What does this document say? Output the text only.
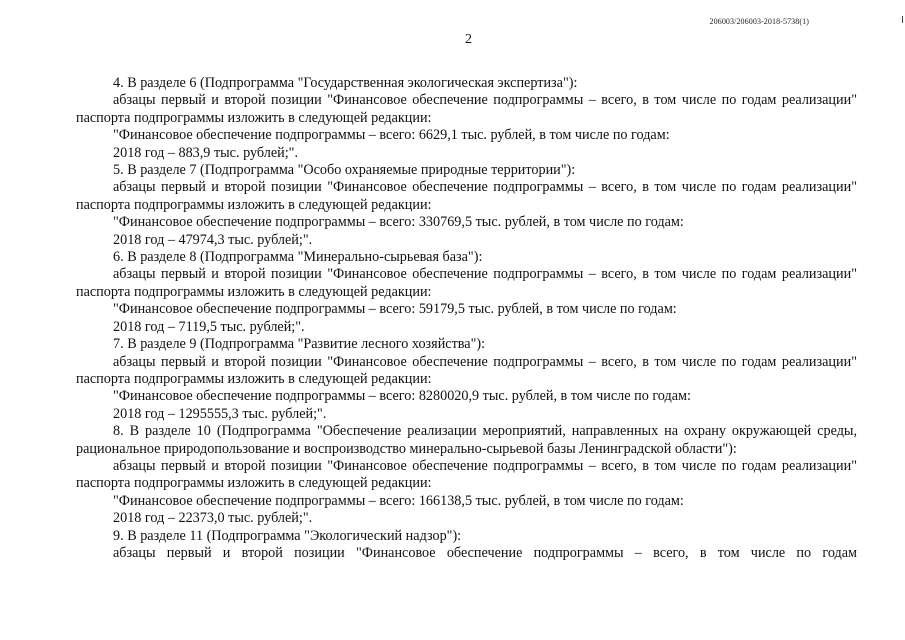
206003/206003-2018-5738(1)
2

4. В разделе 6 (Подпрограмма "Государственная экологическая экспертиза"):

абзацы первый и второй позиции "Финансовое обеспечение подпрограммы – всего, в том числе по годам реализации" паспорта подпрограммы изложить в следующей редакции:

"Финансовое обеспечение подпрограммы – всего: 6629,1 тыс. рублей, в том числе по годам:

2018 год – 883,9 тыс. рублей;".

5. В разделе 7 (Подпрограмма "Особо охраняемые природные территории"):

абзацы первый и второй позиции "Финансовое обеспечение подпрограммы – всего, в том числе по годам реализации" паспорта подпрограммы изложить в следующей редакции:

"Финансовое обеспечение подпрограммы – всего: 330769,5 тыс. рублей, в том числе по годам:

2018 год – 47974,3 тыс. рублей;".

6. В разделе 8 (Подпрограмма "Минерально-сырьевая база"):

абзацы первый и второй позиции "Финансовое обеспечение подпрограммы – всего, в том числе по годам реализации" паспорта подпрограммы изложить в следующей редакции:

"Финансовое обеспечение подпрограммы – всего: 59179,5 тыс. рублей, в том числе по годам:

2018 год – 7119,5 тыс. рублей;".

7. В разделе 9 (Подпрограмма "Развитие лесного хозяйства"):

абзацы первый и второй позиции "Финансовое обеспечение подпрограммы – всего, в том числе по годам реализации" паспорта подпрограммы изложить в следующей редакции:

"Финансовое обеспечение подпрограммы – всего: 8280020,9 тыс. рублей, в том числе по годам:

2018 год – 1295555,3 тыс. рублей;".

8. В разделе 10 (Подпрограмма "Обеспечение реализации мероприятий, направленных на охрану окружающей среды, рациональное природопользование и воспроизводство минерально-сырьевой базы Ленинградской области"):

абзацы первый и второй позиции "Финансовое обеспечение подпрограммы – всего, в том числе по годам реализации" паспорта подпрограммы изложить в следующей редакции:

"Финансовое обеспечение подпрограммы – всего: 166138,5 тыс. рублей, в том числе по годам:

2018 год – 22373,0 тыс. рублей;".

9. В разделе 11 (Подпрограмма "Экологический надзор"):

абзацы первый и второй позиции "Финансовое обеспечение подпрограммы – всего, в том числе по годам
